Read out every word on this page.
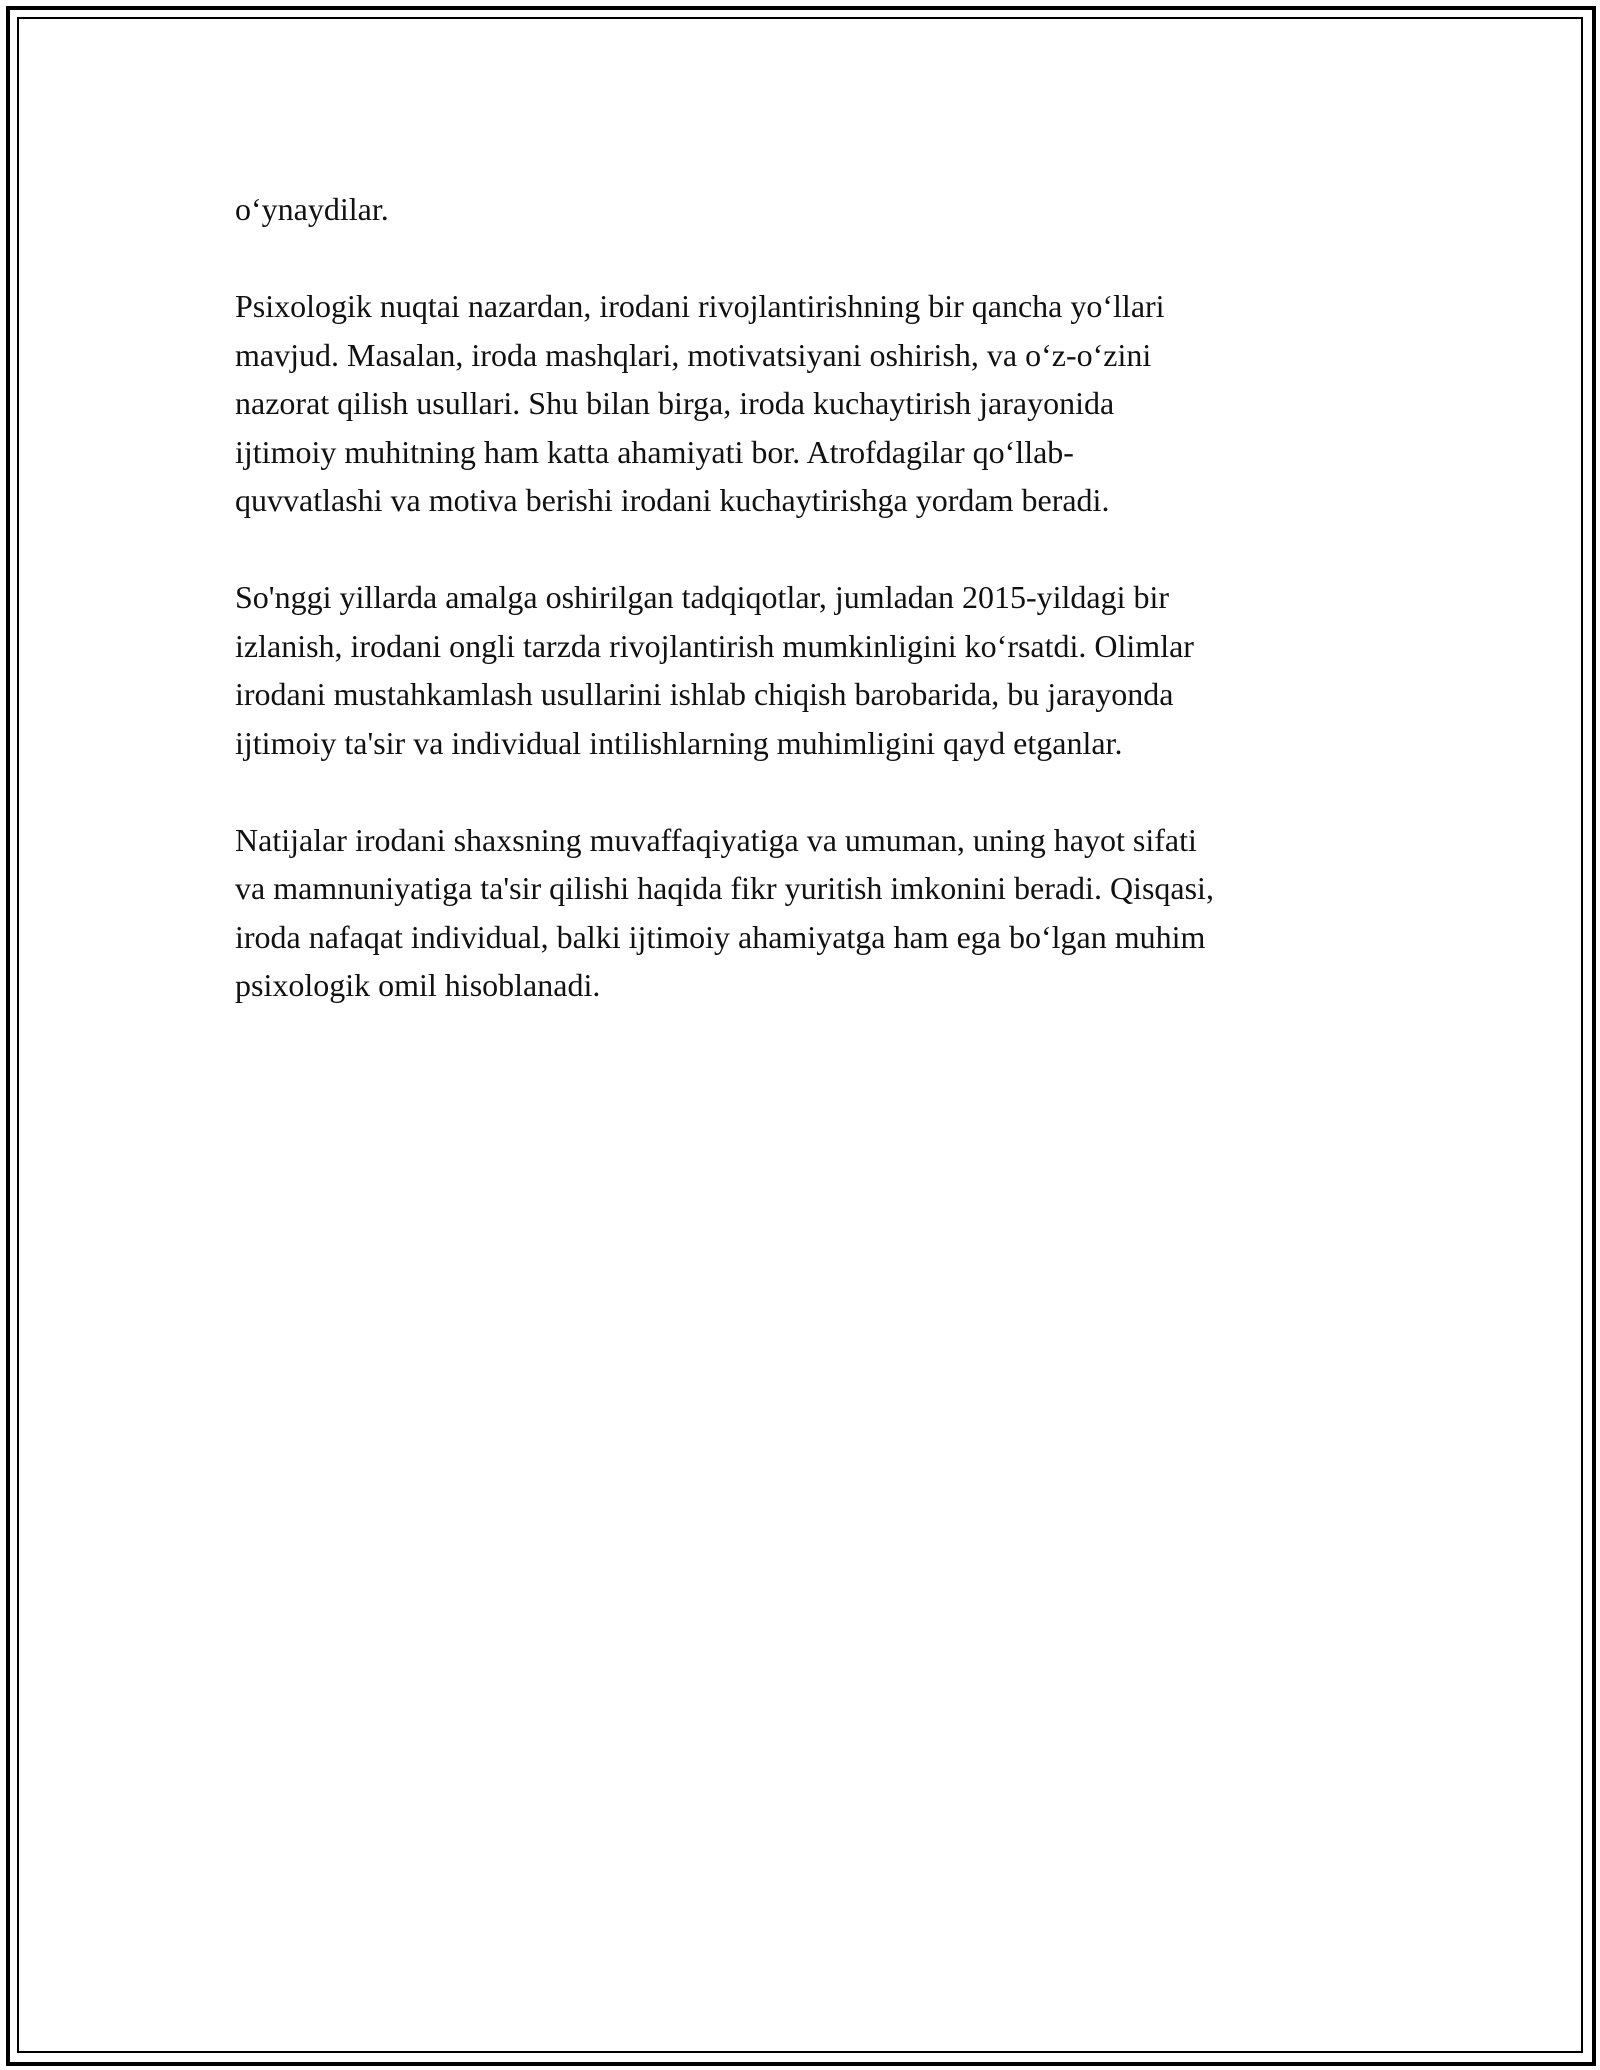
o‘ynaydilar.

Psixologik nuqtai nazardan, irodani rivojlantirishning bir qancha yo‘llari
mavjud. Masalan, iroda mashqlari, motivatsiyani oshirish, va o‘z-o‘zini
nazorat qilish usullari. Shu bilan birga, iroda kuchaytirish jarayonida
ijtimoiy muhitning ham katta ahamiyati bor. Atrofdagilar qo‘llab-
quvvatlashi va motiva berishi irodani kuchaytirishga yordam beradi.

So'nggi yillarda amalga oshirilgan tadqiqotlar, jumladan 2015-yildagi bir
izlanish, irodani ongli tarzda rivojlantirish mumkinligini ko‘rsatdi. Olimlar
irodani mustahkamlash usullarini ishlab chiqish barobarida, bu jarayonda
ijtimoiy ta'sir va individual intilishlarning muhimligini qayd etganlar.

Natijalar irodani shaxsning muvaffaqiyatiga va umuman, uning hayot sifati
va mamnuniyatiga ta'sir qilishi haqida fikr yuritish imkonini beradi. Qisqasi,
iroda nafaqat individual, balki ijtimoiy ahamiyatga ham ega bo‘lgan muhim
psixologik omil hisoblanadi.
